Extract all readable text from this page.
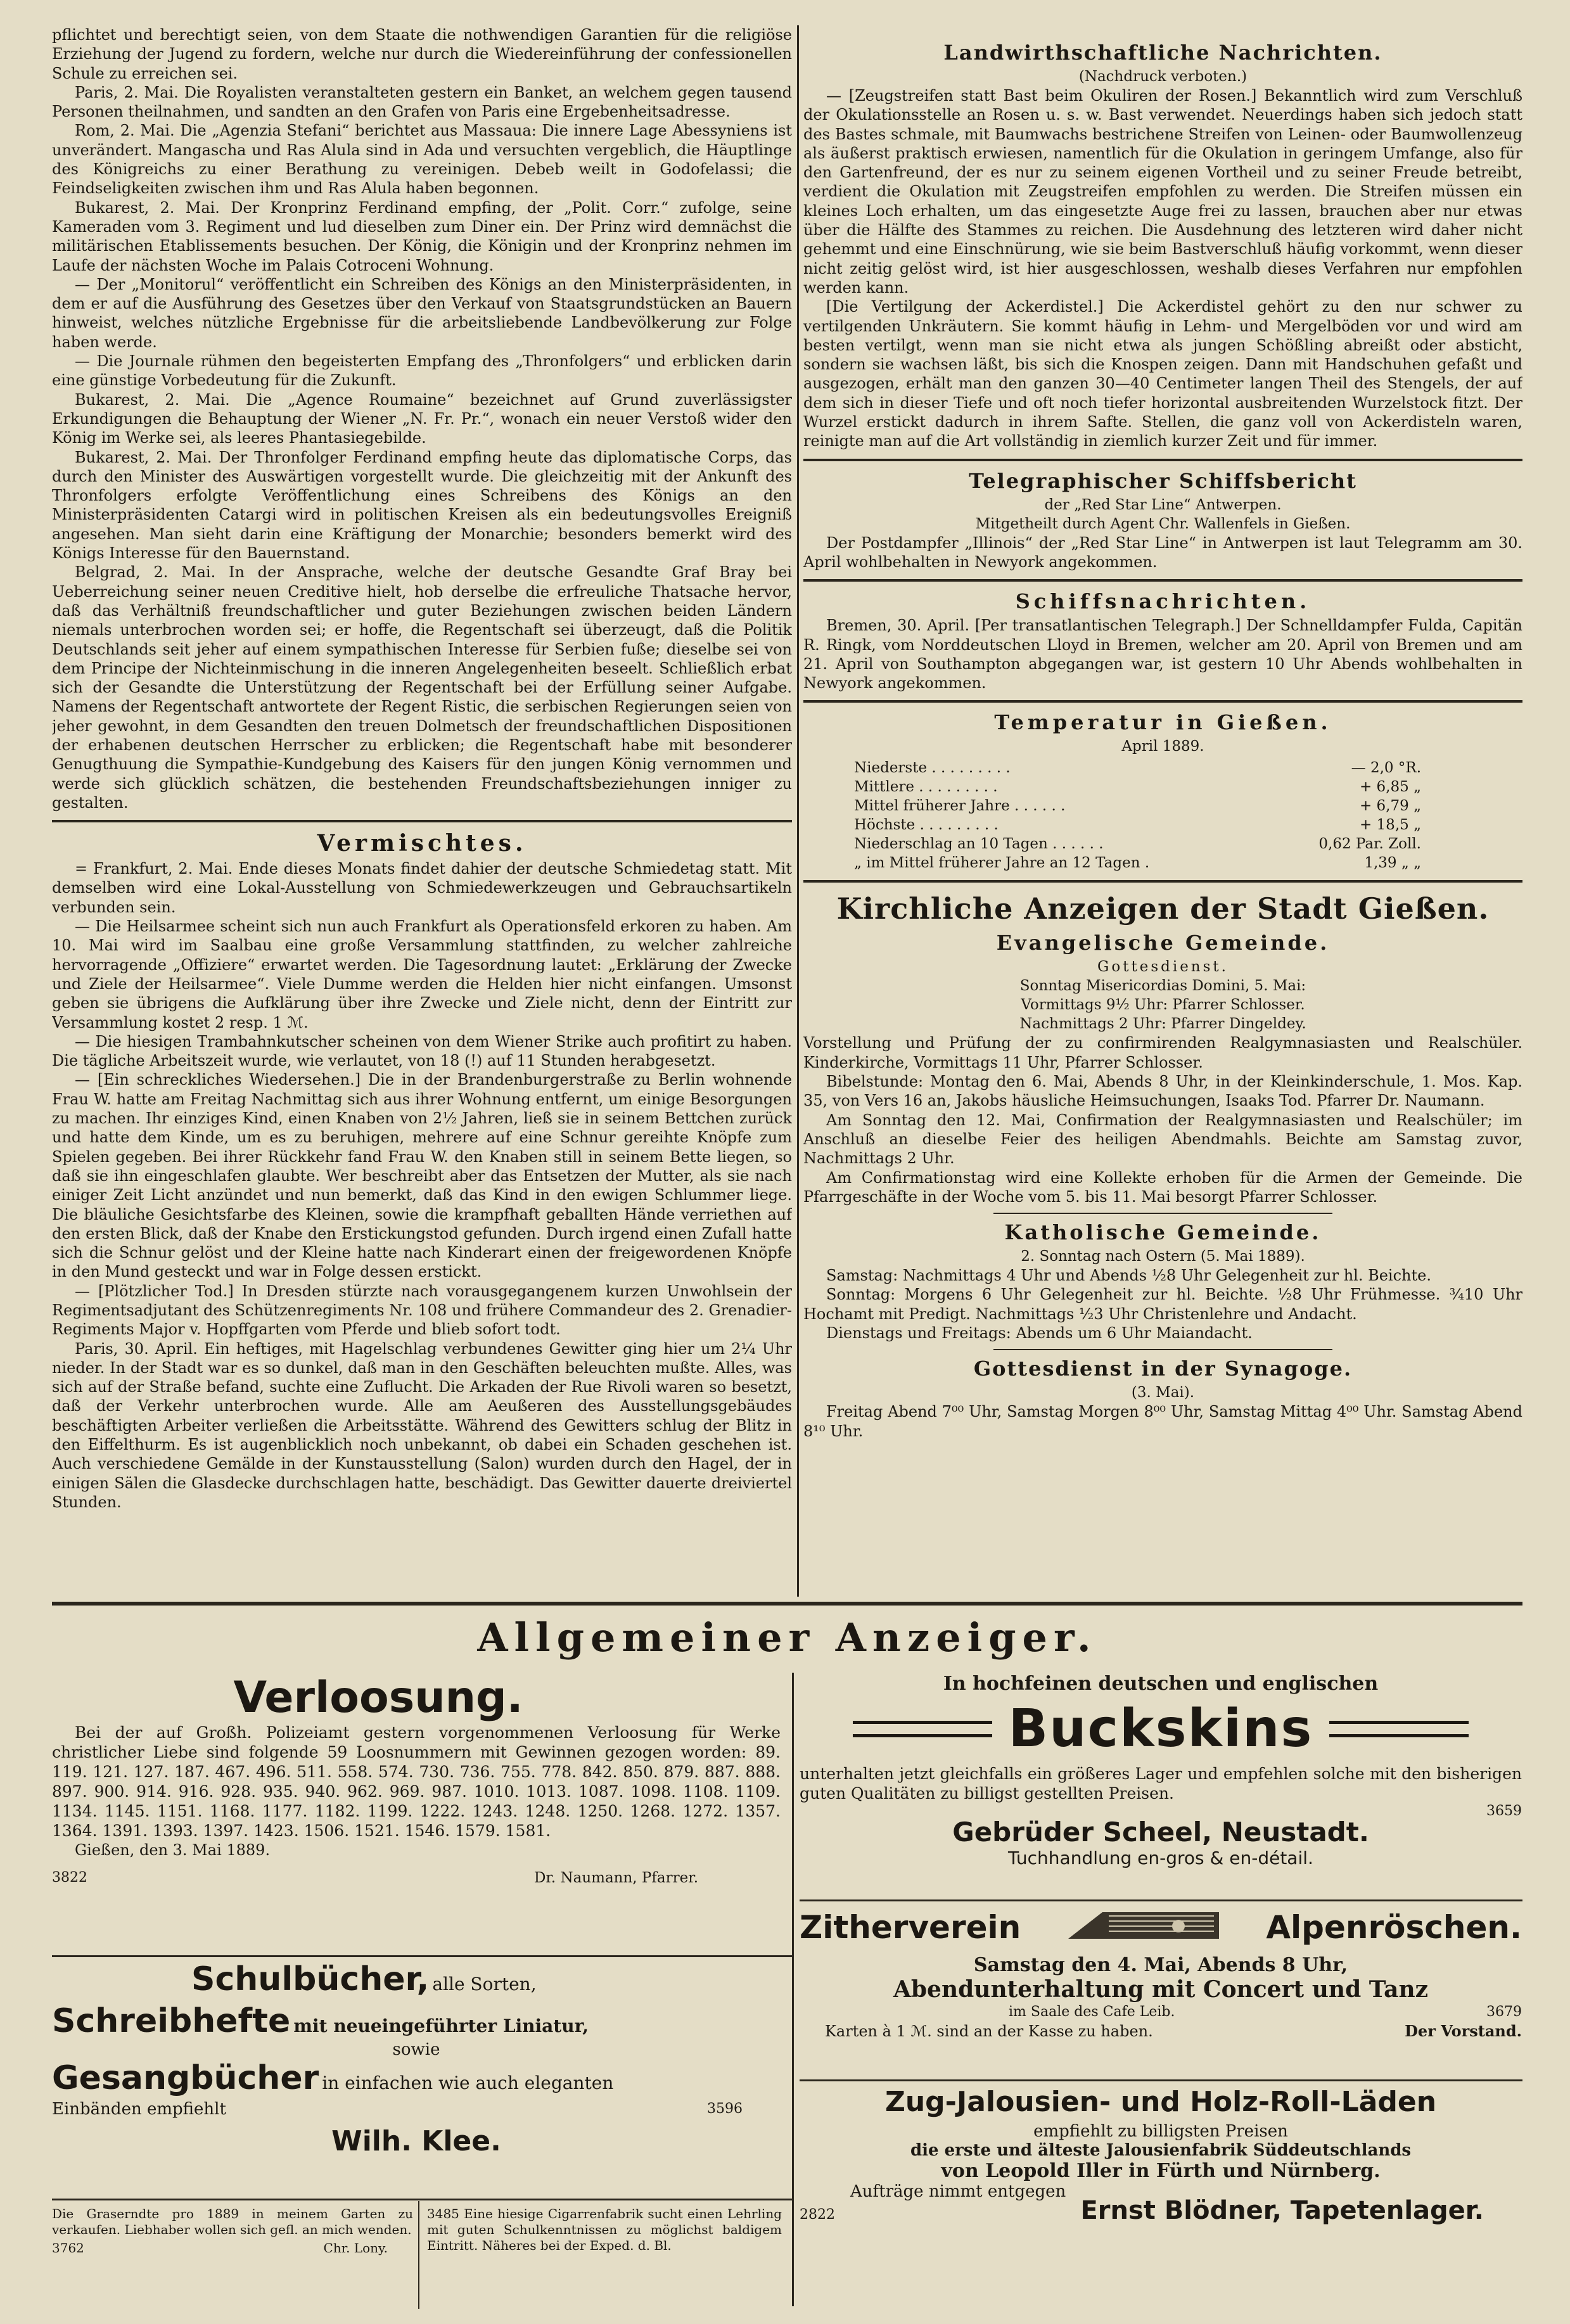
pflichtet und berechtigt seien, von dem Staate die nothwendigen Garantien für die religiöse Erziehung der Jugend zu fordern, welche nur durch die Wiedereinführung der confessionellen Schule zu erreichen sei.

Paris, 2. Mai. Die Royalisten veranstalteten gestern ein Banket, an welchem gegen tausend Personen theilnahmen, und sandten an den Grafen von Paris eine Ergebenheitsadresse.

Rom, 2. Mai. Die „Agenzia Stefani“ berichtet aus Massaua: Die innere Lage Abessyniens ist unverändert. Mangascha und Ras Alula sind in Ada und versuchten vergeblich, die Häuptlinge des Königreichs zu einer Berathung zu vereinigen. Debeb weilt in Godofelassi; die Feindseligkeiten zwischen ihm und Ras Alula haben begonnen.

Bukarest, 2. Mai. Der Kronprinz Ferdinand empfing, der „Polit. Corr.“ zufolge, seine Kameraden vom 3. Regiment und lud dieselben zum Diner ein. Der Prinz wird demnächst die militärischen Etablissements besuchen. Der König, die Königin und der Kronprinz nehmen im Laufe der nächsten Woche im Palais Cotroceni Wohnung.

— Der „Monitorul“ veröffentlicht ein Schreiben des Königs an den Ministerpräsidenten, in dem er auf die Ausführung des Gesetzes über den Verkauf von Staatsgrundstücken an Bauern hinweist, welches nützliche Ergebnisse für die arbeitsliebende Landbevölkerung zur Folge haben werde.

— Die Journale rühmen den begeisterten Empfang des „Thronfolgers“ und erblicken darin eine günstige Vorbedeutung für die Zukunft.

Bukarest, 2. Mai. Die „Agence Roumaine“ bezeichnet auf Grund zuverlässigster Erkundigungen die Behauptung der Wiener „N. Fr. Pr.“, wonach ein neuer Verstoß wider den König im Werke sei, als leeres Phantasiegebilde.

Bukarest, 2. Mai. Der Thronfolger Ferdinand empfing heute das diplomatische Corps, das durch den Minister des Auswärtigen vorgestellt wurde. Die gleichzeitig mit der Ankunft des Thronfolgers erfolgte Veröffentlichung eines Schreibens des Königs an den Ministerpräsidenten Catargi wird in politischen Kreisen als ein bedeutungsvolles Ereigniß angesehen. Man sieht darin eine Kräftigung der Monarchie; besonders bemerkt wird des Königs Interesse für den Bauernstand.

Belgrad, 2. Mai. In der Ansprache, welche der deutsche Gesandte Graf Bray bei Ueberreichung seiner neuen Creditive hielt, hob derselbe die erfreuliche Thatsache hervor, daß das Verhältniß freundschaftlicher und guter Beziehungen zwischen beiden Ländern niemals unterbrochen worden sei; er hoffe, die Regentschaft sei überzeugt, daß die Politik Deutschlands seit jeher auf einem sympathischen Interesse für Serbien fuße; dieselbe sei von dem Principe der Nichteinmischung in die inneren Angelegenheiten beseelt. Schließlich erbat sich der Gesandte die Unterstützung der Regentschaft bei der Erfüllung seiner Aufgabe. Namens der Regentschaft antwortete der Regent Ristic, die serbischen Regierungen seien von jeher gewohnt, in dem Gesandten den treuen Dolmetsch der freundschaftlichen Dispositionen der erhabenen deutschen Herrscher zu erblicken; die Regentschaft habe mit besonderer Genugthuung die Sympathie-Kundgebung des Kaisers für den jungen König vernommen und werde sich glücklich schätzen, die bestehenden Freundschaftsbeziehungen inniger zu gestalten.

Vermischtes.

= Frankfurt, 2. Mai. Ende dieses Monats findet dahier der deutsche Schmiedetag statt. Mit demselben wird eine Lokal-Ausstellung von Schmiedewerkzeugen und Gebrauchsartikeln verbunden sein.

— Die Heilsarmee scheint sich nun auch Frankfurt als Operationsfeld erkoren zu haben. Am 10. Mai wird im Saalbau eine große Versammlung stattfinden, zu welcher zahlreiche hervorragende „Offiziere“ erwartet werden. Die Tagesordnung lautet: „Erklärung der Zwecke und Ziele der Heilsarmee“. Viele Dumme werden die Helden hier nicht einfangen. Umsonst geben sie übrigens die Aufklärung über ihre Zwecke und Ziele nicht, denn der Eintritt zur Versammlung kostet 2 resp. 1 ℳ.

— Die hiesigen Trambahnkutscher scheinen von dem Wiener Strike auch profitirt zu haben. Die tägliche Arbeitszeit wurde, wie verlautet, von 18 (!) auf 11 Stunden herabgesetzt.

— [Ein schreckliches Wiedersehen.] Die in der Brandenburgerstraße zu Berlin wohnende Frau W. hatte am Freitag Nachmittag sich aus ihrer Wohnung entfernt, um einige Besorgungen zu machen. Ihr einziges Kind, einen Knaben von 2½ Jahren, ließ sie in seinem Bettchen zurück und hatte dem Kinde, um es zu beruhigen, mehrere auf eine Schnur gereihte Knöpfe zum Spielen gegeben. Bei ihrer Rückkehr fand Frau W. den Knaben still in seinem Bette liegen, so daß sie ihn eingeschlafen glaubte. Wer beschreibt aber das Entsetzen der Mutter, als sie nach einiger Zeit Licht anzündet und nun bemerkt, daß das Kind in den ewigen Schlummer liege. Die bläuliche Gesichtsfarbe des Kleinen, sowie die krampfhaft geballten Hände verriethen auf den ersten Blick, daß der Knabe den Erstickungstod gefunden. Durch irgend einen Zufall hatte sich die Schnur gelöst und der Kleine hatte nach Kinderart einen der freigewordenen Knöpfe in den Mund gesteckt und war in Folge dessen erstickt.

— [Plötzlicher Tod.] In Dresden stürzte nach vorausgegangenem kurzen Unwohlsein der Regimentsadjutant des Schützenregiments Nr. 108 und frühere Commandeur des 2. Grenadier-Regiments Major v. Hopffgarten vom Pferde und blieb sofort todt.

Paris, 30. April. Ein heftiges, mit Hagelschlag verbundenes Gewitter ging hier um 2¼ Uhr nieder. In der Stadt war es so dunkel, daß man in den Geschäften beleuchten mußte. Alles, was sich auf der Straße befand, suchte eine Zuflucht. Die Arkaden der Rue Rivoli waren so besetzt, daß der Verkehr unterbrochen wurde. Alle am Aeußeren des Ausstellungsgebäudes beschäftigten Arbeiter verließen die Arbeitsstätte. Während des Gewitters schlug der Blitz in den Eiffelthurm. Es ist augenblicklich noch unbekannt, ob dabei ein Schaden geschehen ist. Auch verschiedene Gemälde in der Kunstausstellung (Salon) wurden durch den Hagel, der in einigen Sälen die Glasdecke durchschlagen hatte, beschädigt. Das Gewitter dauerte dreiviertel Stunden.

Landwirthschaftliche Nachrichten.

(Nachdruck verboten.)

— [Zeugstreifen statt Bast beim Okuliren der Rosen.] Bekanntlich wird zum Verschluß der Okulationsstelle an Rosen u. s. w. Bast verwendet. Neuerdings haben sich jedoch statt des Bastes schmale, mit Baumwachs bestrichene Streifen von Leinen- oder Baumwollenzeug als äußerst praktisch erwiesen, namentlich für die Okulation in geringem Umfange, also für den Gartenfreund, der es nur zu seinem eigenen Vortheil und zu seiner Freude betreibt, verdient die Okulation mit Zeugstreifen empfohlen zu werden. Die Streifen müssen ein kleines Loch erhalten, um das eingesetzte Auge frei zu lassen, brauchen aber nur etwas über die Hälfte des Stammes zu reichen. Die Ausdehnung des letzteren wird daher nicht gehemmt und eine Einschnürung, wie sie beim Bastverschluß häufig vorkommt, wenn dieser nicht zeitig gelöst wird, ist hier ausgeschlossen, weshalb dieses Verfahren nur empfohlen werden kann.

[Die Vertilgung der Ackerdistel.] Die Ackerdistel gehört zu den nur schwer zu vertilgenden Unkräutern. Sie kommt häufig in Lehm- und Mergelböden vor und wird am besten vertilgt, wenn man sie nicht etwa als jungen Schößling abreißt oder absticht, sondern sie wachsen läßt, bis sich die Knospen zeigen. Dann mit Handschuhen gefaßt und ausgezogen, erhält man den ganzen 30—40 Centimeter langen Theil des Stengels, der auf dem sich in dieser Tiefe und oft noch tiefer horizontal ausbreitenden Wurzelstock fitzt. Der Wurzel erstickt dadurch in ihrem Safte. Stellen, die ganz voll von Ackerdisteln waren, reinigte man auf die Art vollständig in ziemlich kurzer Zeit und für immer.

Telegraphischer Schiffsbericht

der „Red Star Line“ Antwerpen.

Mitgetheilt durch Agent Chr. Wallenfels in Gießen.

Der Postdampfer „Illinois“ der „Red Star Line“ in Antwerpen ist laut Telegramm am 30. April wohlbehalten in Newyork angekommen.

Schiffsnachrichten.

Bremen, 30. April. [Per transatlantischen Telegraph.] Der Schnelldampfer Fulda, Capitän R. Ringk, vom Norddeutschen Lloyd in Bremen, welcher am 20. April von Bremen und am 21. April von Southampton abgegangen war, ist gestern 10 Uhr Abends wohlbehalten in Newyork angekommen.

Temperatur in Gießen.

April 1889.

Niederste . . . . . . . . .	— 2,0 °R.
Mittlere . . . . . . . . .	+ 6,85 „
Mittel früherer Jahre . . . . . .	+ 6,79 „
Höchste . . . . . . . . .	+ 18,5 „
Niederschlag an 10 Tagen . . . . . .	0,62 Par. Zoll.
„ im Mittel früherer Jahre an 12 Tagen .	1,39 „ „
Kirchliche Anzeigen der Stadt Gießen.
Evangelische Gemeinde.

Gottesdienst.

Sonntag Misericordias Domini, 5. Mai:

Vormittags 9½ Uhr: Pfarrer Schlosser.

Nachmittags 2 Uhr: Pfarrer Dingeldey.

Vorstellung und Prüfung der zu confirmirenden Realgymnasiasten und Realschüler. Kinderkirche, Vormittags 11 Uhr, Pfarrer Schlosser.

Bibelstunde: Montag den 6. Mai, Abends 8 Uhr, in der Kleinkinderschule, 1. Mos. Kap. 35, von Vers 16 an, Jakobs häusliche Heimsuchungen, Isaaks Tod. Pfarrer Dr. Naumann.

Am Sonntag den 12. Mai, Confirmation der Realgymnasiasten und Realschüler; im Anschluß an dieselbe Feier des heiligen Abendmahls. Beichte am Samstag zuvor, Nachmittags 2 Uhr.

Am Confirmationstag wird eine Kollekte erhoben für die Armen der Gemeinde. Die Pfarrgeschäfte in der Woche vom 5. bis 11. Mai besorgt Pfarrer Schlosser.

Katholische Gemeinde.

2. Sonntag nach Ostern (5. Mai 1889).

Samstag: Nachmittags 4 Uhr und Abends ½8 Uhr Gelegenheit zur hl. Beichte.

Sonntag: Morgens 6 Uhr Gelegenheit zur hl. Beichte. ½8 Uhr Frühmesse. ¾10 Uhr Hochamt mit Predigt. Nachmittags ½3 Uhr Christenlehre und Andacht.

Dienstags und Freitags: Abends um 6 Uhr Maiandacht.

Gottesdienst in der Synagoge.

(3. Mai).

Freitag Abend 7⁰⁰ Uhr, Samstag Morgen 8⁰⁰ Uhr, Samstag Mittag 4⁰⁰ Uhr. Samstag Abend 8¹⁰ Uhr.

Allgemeiner Anzeiger.
Verloosung.

Bei der auf Großh. Polizeiamt gestern vorgenommenen Verloosung für Werke christlicher Liebe sind folgende 59 Loosnummern mit Gewinnen gezogen worden: 89. 119. 121. 127. 187. 467. 496. 511. 558. 574. 730. 736. 755. 778. 842. 850. 879. 887. 888. 897. 900. 914. 916. 928. 935. 940. 962. 969. 987. 1010. 1013. 1087. 1098. 1108. 1109. 1134. 1145. 1151. 1168. 1177. 1182. 1199. 1222. 1243. 1248. 1250. 1268. 1272. 1357. 1364. 1391. 1393. 1397. 1423. 1506. 1521. 1546. 1579. 1581.

Gießen, den 3. Mai 1889.

3822	Dr. Naumann, Pfarrer.
Schulbücher, alle Sorten,
Schreibhefte mit neueingeführter Liniatur,
sowie
Gesangbücher in einfachen wie auch eleganten
Einbänden empfiehlt	3596
Wilh. Klee.

Die Graserndte pro 1889 in meinem Garten zu verkaufen. Liebhaber wollen sich gefl. an mich wenden.

3762	Chr. Lony.

3485 Eine hiesige Cigarrenfabrik sucht einen Lehrling mit guten Schulkenntnissen zu möglichst baldigem Eintritt. Näheres bei der Exped. d. Bl.

In hochfeinen deutschen und englischen
Buckskins

unterhalten jetzt gleichfalls ein größeres Lager und empfehlen solche mit den bisherigen guten Qualitäten zu billigst gestellten Preisen.

3659
Gebrüder Scheel, Neustadt.
Tuchhandlung en-gros & en-détail.
Zitherverein	Alpenröschen.
Samstag den 4. Mai, Abends 8 Uhr,
Abendunterhaltung mit Concert und Tanz
im Saale des Cafe Leib.	3679
Karten à 1 ℳ. sind an der Kasse zu haben.	Der Vorstand.
Zug-Jalousien- und Holz-Roll-Läden
empfiehlt zu billigsten Preisen
die erste und älteste Jalousienfabrik Süddeutschlands
von Leopold Iller in Fürth und Nürnberg.
Aufträge nimmt entgegen
2822	Ernst Blödner, Tapetenlager.
